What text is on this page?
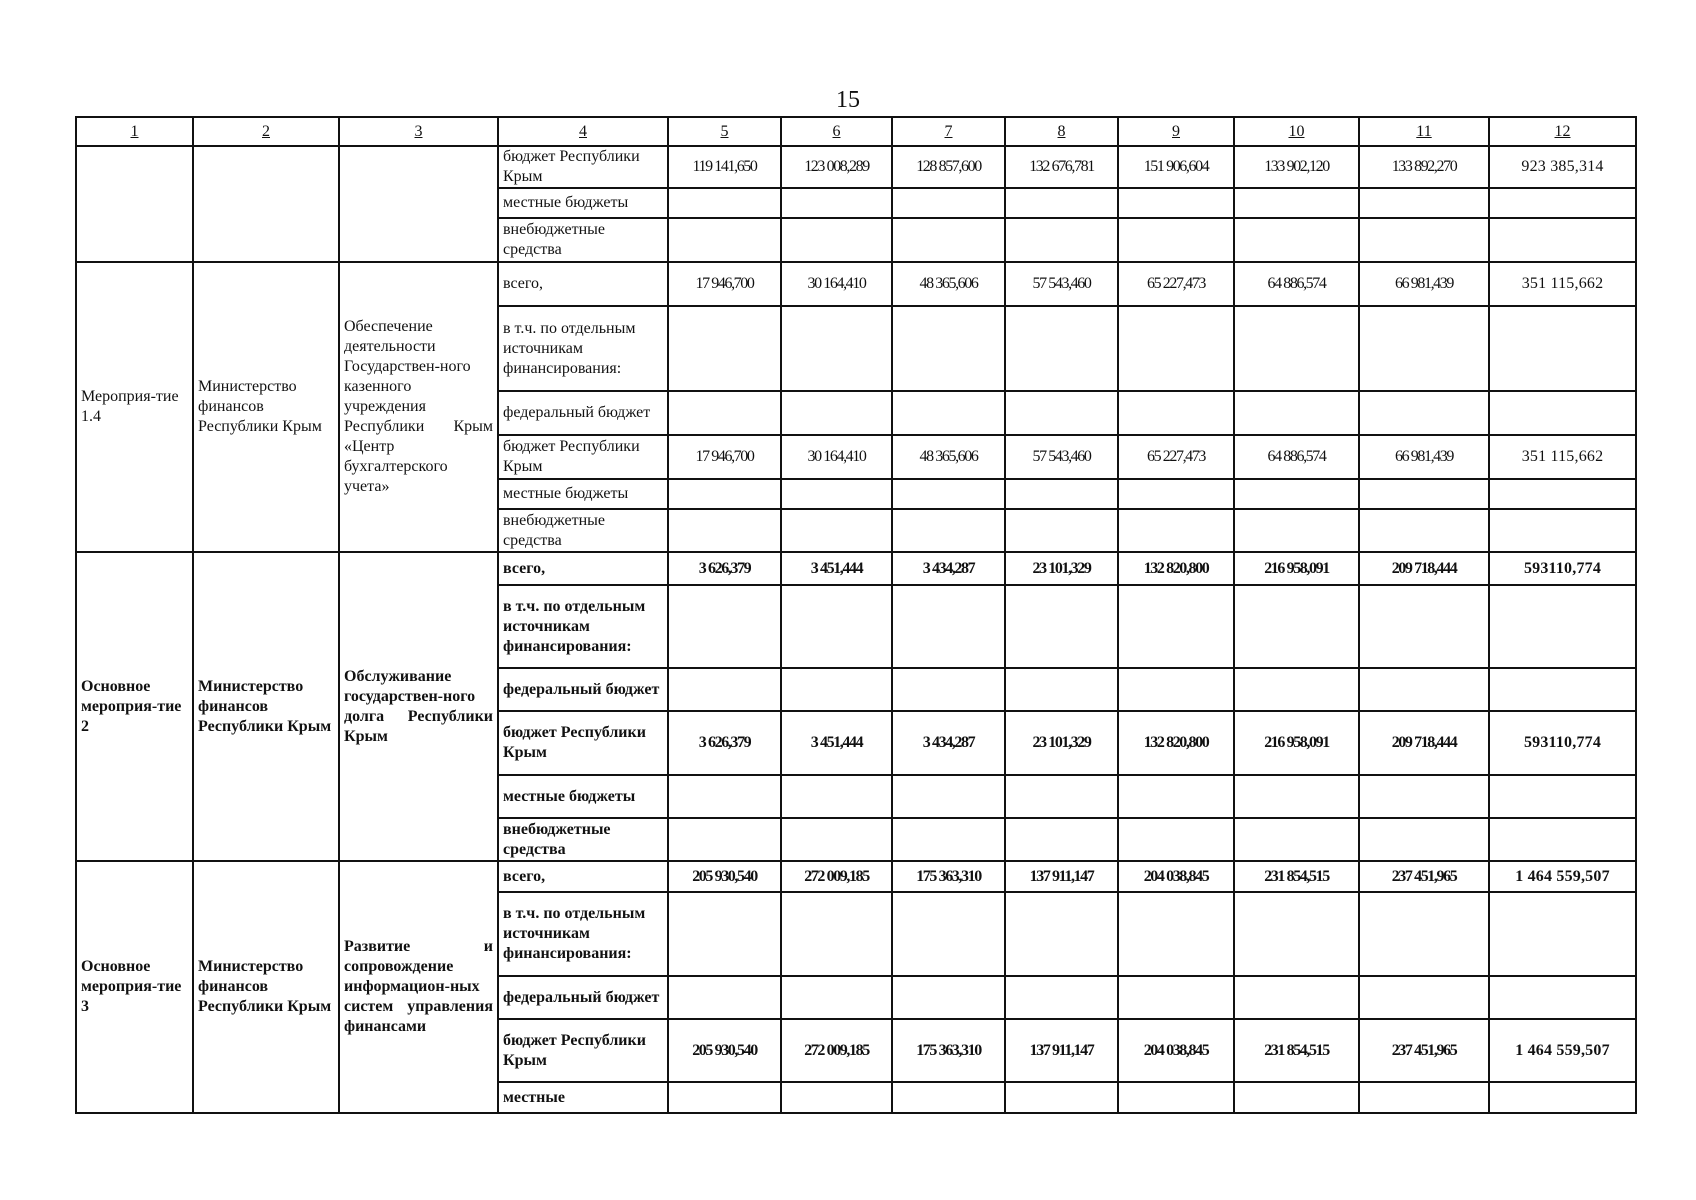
15
1	2	3	4	5	6	7	8	9	10	11	12
			бюджет Республики Крым	119 141,650	123 008,289	128 857,600	132 676,781	151 906,604	133 902,120	133 892,270	923 385,314
			местные бюджеты								
			внебюджетные средства								
Мероприя-тие 1.4	Министерство финансов Республики Крым	Обеспечение деятельности Государствен-ного казенного учреждения Республики Крым «Центр бухгалтерского учета»	всего,	17 946,700	30 164,410	48 365,606	57 543,460	65 227,473	64 886,574	66 981,439	351 115,662
			в т.ч. по отдельным источникам финансирования:								
			федеральный бюджет								
			бюджет Республики Крым	17 946,700	30 164,410	48 365,606	57 543,460	65 227,473	64 886,574	66 981,439	351 115,662
			местные бюджеты								
			внебюджетные средства								
Основное мероприя-тие 2	Министерство финансов Республики Крым	Обслуживание государствен-ного долга Республики Крым	всего,	3 626,379	3 451,444	3 434,287	23 101,329	132 820,800	216 958,091	209 718,444	593110,774
			в т.ч. по отдельным источникам финансирования:								
			федеральный бюджет								
			бюджет Республики Крым	3 626,379	3 451,444	3 434,287	23 101,329	132 820,800	216 958,091	209 718,444	593110,774
			местные бюджеты								
			внебюджетные средства								
Основное мероприя-тие 3	Министерство финансов Республики Крым	Развитие и сопровождение информацион-ных систем управления финансами	всего,	205 930,540	272 009,185	175 363,310	137 911,147	204 038,845	231 854,515	237 451,965	1 464 559,507
			в т.ч. по отдельным источникам финансирования:								
			федеральный бюджет								
			бюджет Республики Крым	205 930,540	272 009,185	175 363,310	137 911,147	204 038,845	231 854,515	237 451,965	1 464 559,507
			местные								
